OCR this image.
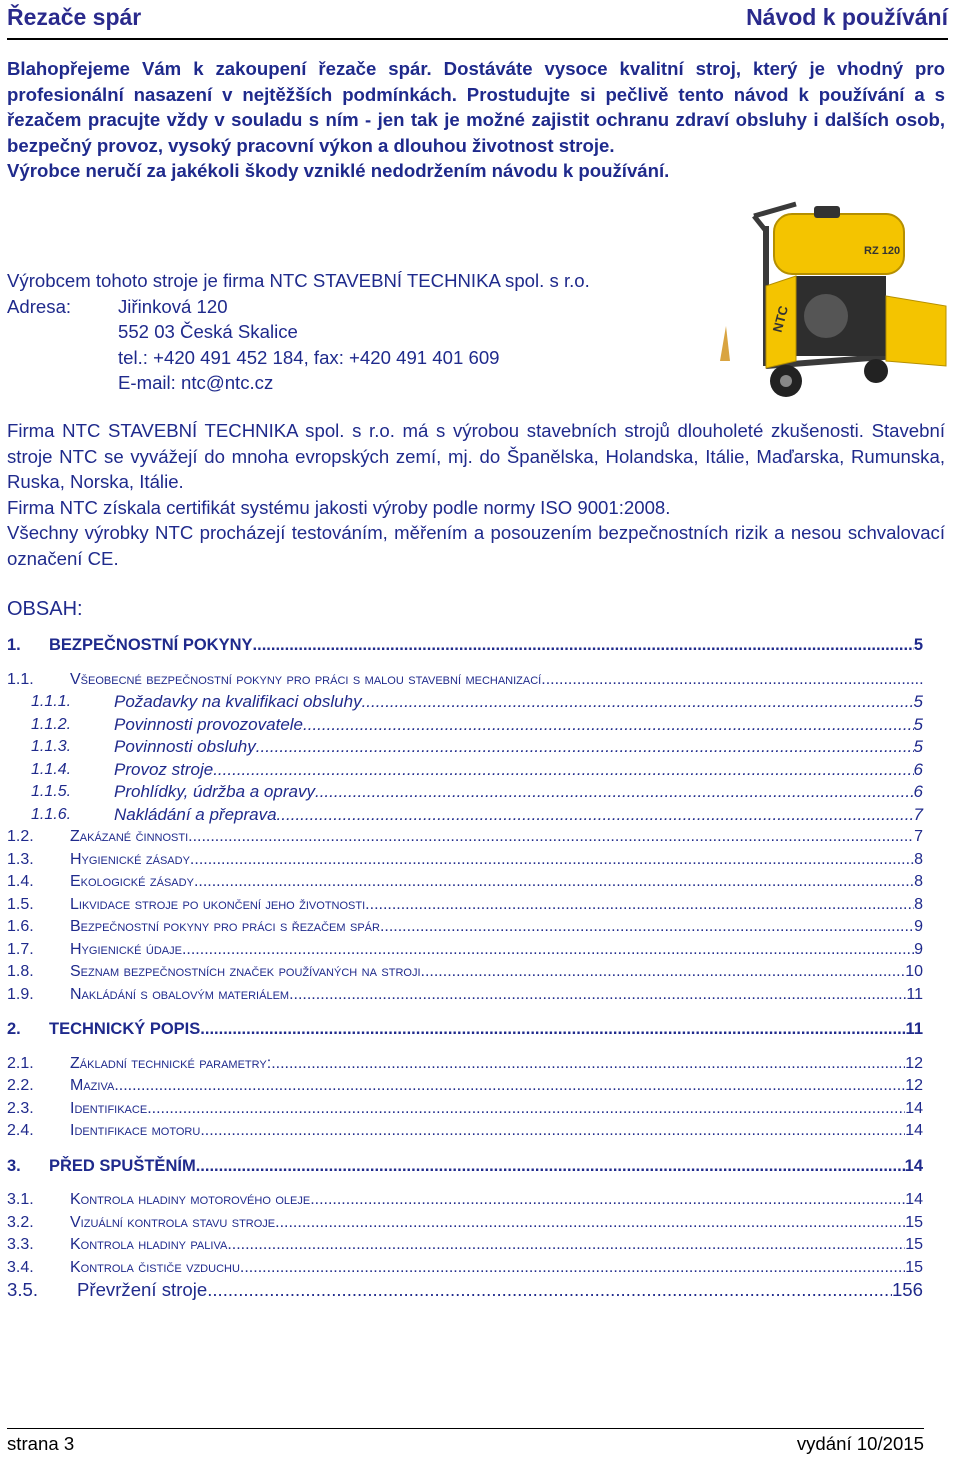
Řezače spár	Návod k používání

Blahopřejeme Vám k zakoupení řezače spár. Dostáváte vysoce kvalitní stroj, který je vhodný pro profesionální nasazení v nejtěžších podmínkách. Prostudujte si pečlivě tento návod k používání a s řezačem pracujte vždy v souladu s ním - jen tak je možné zajistit ochranu zdraví obsluhy i dalších osob, bezpečný provoz, vysoký pracovní výkon a dlouhou životnost stroje.

Výrobce neručí za jakékoli škody vzniklé nedodržením návodu k používání.

Výrobcem tohoto stroje je firma NTC STAVEBNÍ TECHNIKA spol. s r.o.
Adresa:	Jiřinková 120
552 03 Česká Skalice
tel.: +420 491 452 184, fax: +420 491 401 609
E-mail: ntc@ntc.cz
RZ 120
NTC

Firma NTC STAVEBNÍ TECHNIKA spol. s r.o. má s výrobou stavebních strojů dlouholeté zkušenosti. Stavební stroje NTC se vyvážejí do mnoha evropských zemí, mj. do Španělska, Holandska, Itálie, Maďarska, Rumunska, Ruska, Norska, Itálie.

Firma NTC získala certifikát systému jakosti výroby podle normy ISO 9001:2008.

Všechny výrobky NTC procházejí testováním, měřením a posouzením bezpečnostních rizik a nesou schvalovací označení CE.

OBSAH:
1. BEZPEČNOSTNÍ POKYNY .....	5
1.1. Všeobecné bezpečnostní pokyny pro práci s malou stavební mechanizací
.....
1.1.1.	Požadavky na kvalifikaci obsluhy .....	5
1.1.2.	Povinnosti provozovatele .....	5
1.1.3.	Povinnosti obsluhy .....	5
1.1.4.	Provoz stroje .....	6
1.1.5.	Prohlídky, údržba a opravy .....	6
1.1.6.	Nakládání a přeprava .....	7
1.2. Zakázané činnosti .....	7
1.3. Hygienické zásady .....	8
1.4. Ekologické zásady .....	8
1.5. Likvidace stroje po ukončení jeho životnosti .....	8
1.6. Bezpečnostní pokyny pro práci s řezačem spár .....	9
1.7. Hygienické údaje .....	9
1.8. Seznam bezpečnostních značek používaných na stroji .....	10
1.9. Nakládání s obalovým materiálem .....	11
2. TECHNICKÝ POPIS .....	11
2.1. Základní technické parametry: .....	12
2.2. Maziva .....	12
2.3. Identifikace .....	14
2.4. Identifikace motoru .....	14
3. PŘED SPUŠTĚNÍM .....	14
3.1. Kontrola hladiny motorového oleje .....	14
3.2. Vizuální kontrola stavu stroje .....	15
3.3. Kontrola hladiny paliva .....	15
3.4. Kontrola čističe vzduchu .....	15
3.5. Převržení stroje. .....	156
strana 3	vydání 10/2015
